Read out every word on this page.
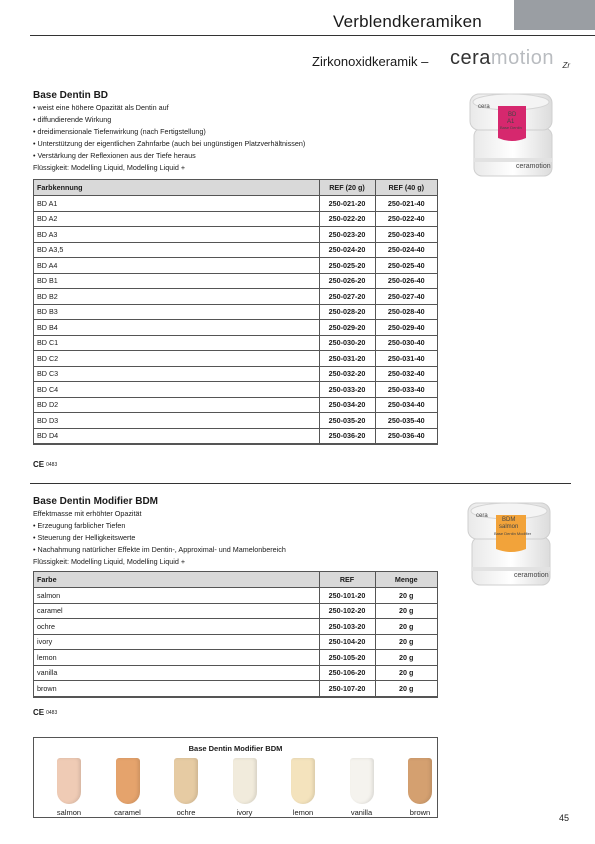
Verblendkeramiken
Zirkonoxidkeramik – ceramotion Zr
Base Dentin BD
• weist eine höhere Opazität als Dentin auf
• diffundierende Wirkung
• dreidimensionale Tiefenwirkung (nach Fertigstellung)
• Unterstützung der eigentlichen Zahnfarbe (auch bei ungünstigen Platzverhältnissen)
• Verstärkung der Reflexionen aus der Tiefe heraus
Flüssigkeit: Modelling Liquid, Modelling Liquid +
cera
BD
A1
Base Dentin
ceramotion
Farbkennung	REF (20 g)	REF (40 g)
BD A1	250-021-20	250-021-40
BD A2	250-022-20	250-022-40
BD A3	250-023-20	250-023-40
BD A3,5	250-024-20	250-024-40
BD A4	250-025-20	250-025-40
BD B1	250-026-20	250-026-40
BD B2	250-027-20	250-027-40
BD B3	250-028-20	250-028-40
BD B4	250-029-20	250-029-40
BD C1	250-030-20	250-030-40
BD C2	250-031-20	250-031-40
BD C3	250-032-20	250-032-40
BD C4	250-033-20	250-033-40
BD D2	250-034-20	250-034-40
BD D3	250-035-20	250-035-40
BD D4	250-036-20	250-036-40
CE 0483
Base Dentin Modifier BDM
Effektmasse mit erhöhter Opazität
• Erzeugung farblicher Tiefen
• Steuerung der Helligkeitswerte
• Nachahmung natürlicher Effekte im Dentin-, Approximal- und Mamelonbereich
Flüssigkeit: Modelling Liquid, Modelling Liquid +
cera
BDM
salmon
Base Dentin Modifier
ceramotion
Farbe	REF	Menge
salmon	250-101-20	20 g
caramel	250-102-20	20 g
ochre	250-103-20	20 g
ivory	250-104-20	20 g
lemon	250-105-20	20 g
vanilla	250-106-20	20 g
brown	250-107-20	20 g
CE 0483
Base Dentin Modifier BDM
salmon	caramel	ochre	ivory	lemon	vanilla	brown
45
